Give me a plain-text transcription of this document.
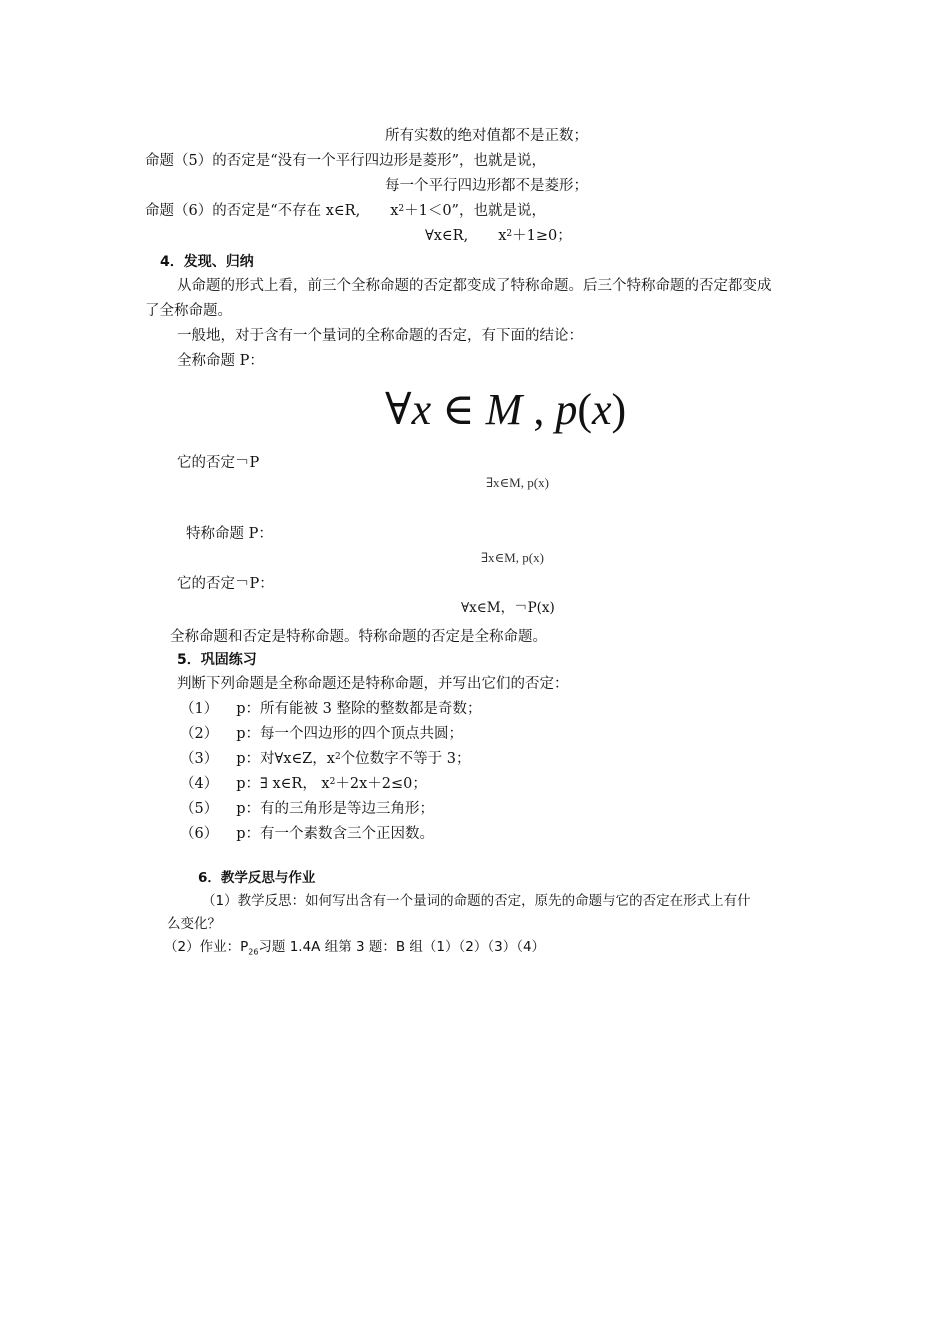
所有实数的绝对值都不是正数；
命题（5）的否定是“没有一个平行四边形是菱形”，也就是说，
每一个平行四边形都不是菱形；
命题（6）的否定是“不存在 x∈R, $x^2+1<0$”，也就是说，
∀x∈R, $x^2+1\ge 0$；
4．发现、归纳
从命题的形式上看，前三个全称命题的否定都变成了特称命题。后三个特称命题的否定都变成
了全称命题。
一般地，对于含有一个量词的全称命题的否定，有下面的结论：
全称命题 P：
∀x ∈ M , p(x)
它的否定￢P
∃x∈M, p(x)
特称命题 P：
∃x∈M, p(x)
它的否定￢P：
∀x∈M，￢P(x)
全称命题和否定是特称命题。特称命题的否定是全称命题。
5．巩固练习
判断下列命题是全称命题还是特称命题，并写出它们的否定：
（1） p：所有能被 3 整除的整数都是奇数；
（2） p：每一个四边形的四个顶点共圆；
（3） p：对∀x∈Z，$x^2$个位数字不等于 3；
（4） p：∃ x∈R， $x^2+2x+2\le 0$；
（5） p：有的三角形是等边三角形；
（6） p：有一个素数含三个正因数。
6．教学反思与作业
（1）教学反思：如何写出含有一个量词的命题的否定，原先的命题与它的否定在形式上有什
么变化？
（2）作业：$P_{26}$习题 1.4A 组第 3 题：B 组（1）（2）（3）（4）
